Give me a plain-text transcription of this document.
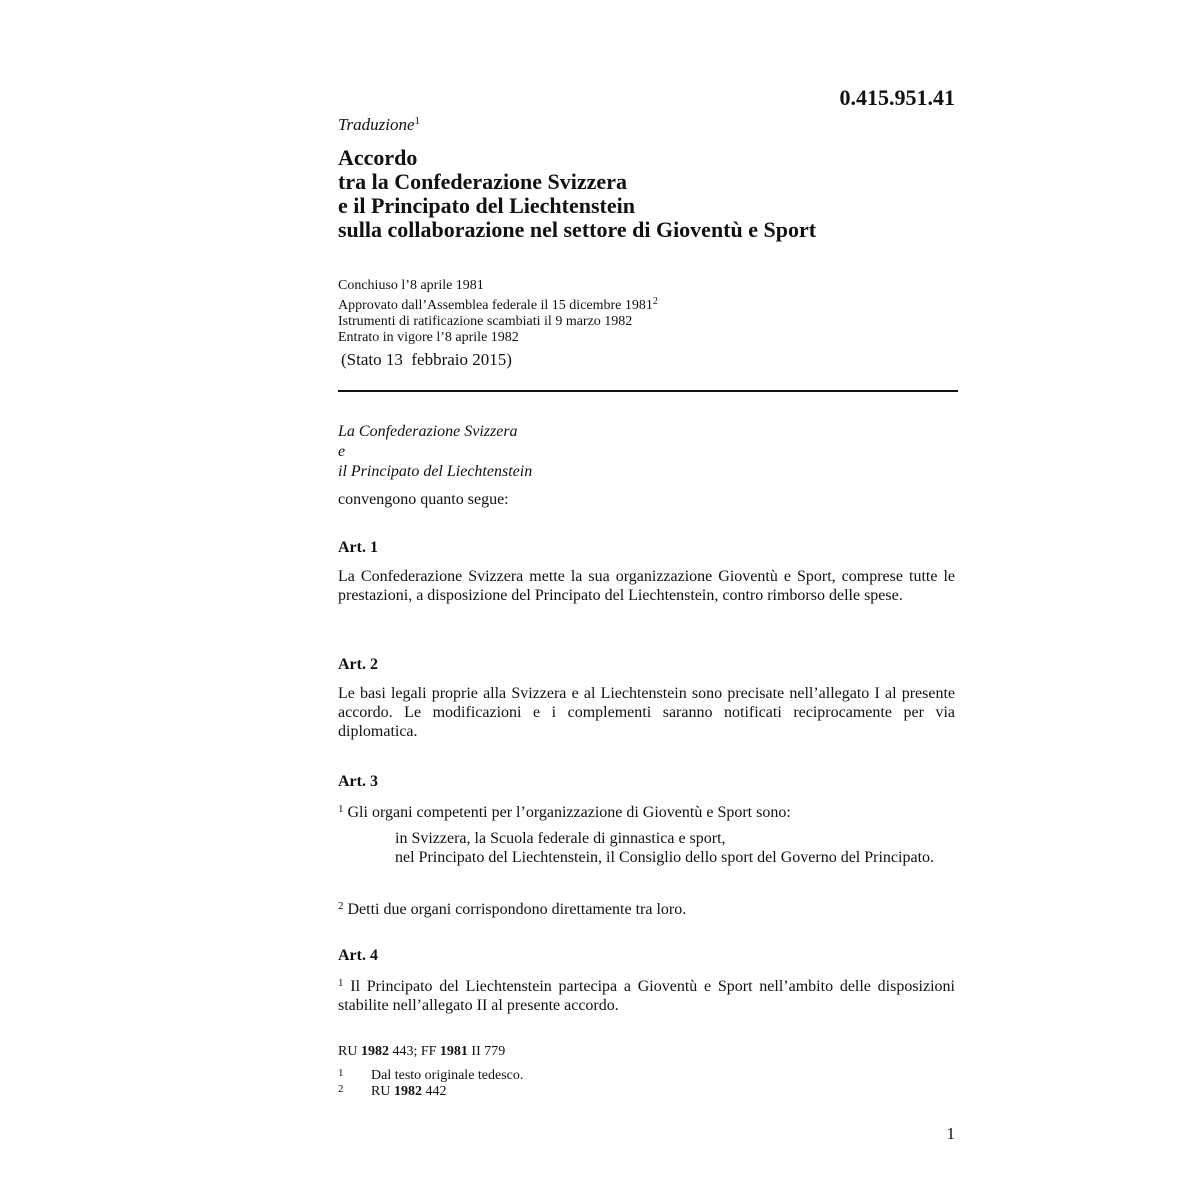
0.415.951.41
Traduzione$^1$
Accordo
tra la Confederazione Svizzera
e il Principato del Liechtenstein
sulla collaborazione nel settore di Gioventù e Sport
Conchiuso l’8 aprile 1981
Approvato dall’Assemblea federale il 15 dicembre 1981$^2$
Istrumenti di ratificazione scambiati il 9 marzo 1982
Entrato in vigore l’8 aprile 1982
(Stato 13  febbraio 2015)
La Confederazione Svizzera
e
il Principato del Liechtenstein
convengono quanto segue:
Art. 1
La Confederazione Svizzera mette la sua organizzazione Gioventù e Sport, comprese tutte le prestazioni, a disposizione del Principato del Liechtenstein, contro rimborso delle spese.
Art. 2
Le basi legali proprie alla Svizzera e al Liechtenstein sono precisate nell’allegato I al presente accordo. Le modificazioni e i complementi saranno notificati reciprocamente per via diplomatica.
Art. 3
$^1$ Gli organi competenti per l’organizzazione di Gioventù e Sport sono:
in Svizzera, la Scuola federale di ginnastica e sport,
nel Principato del Liechtenstein, il Consiglio dello sport del Governo del Principato.
$^2$ Detti due organi corrispondono direttamente tra loro.
Art. 4
$^1$ Il Principato del Liechtenstein partecipa a Gioventù e Sport nell’ambito delle disposizioni stabilite nell’allegato II al presente accordo.
RU 1982 443; FF 1981 II 779
1 Dal testo originale tedesco.
2 RU 1982 442
1
